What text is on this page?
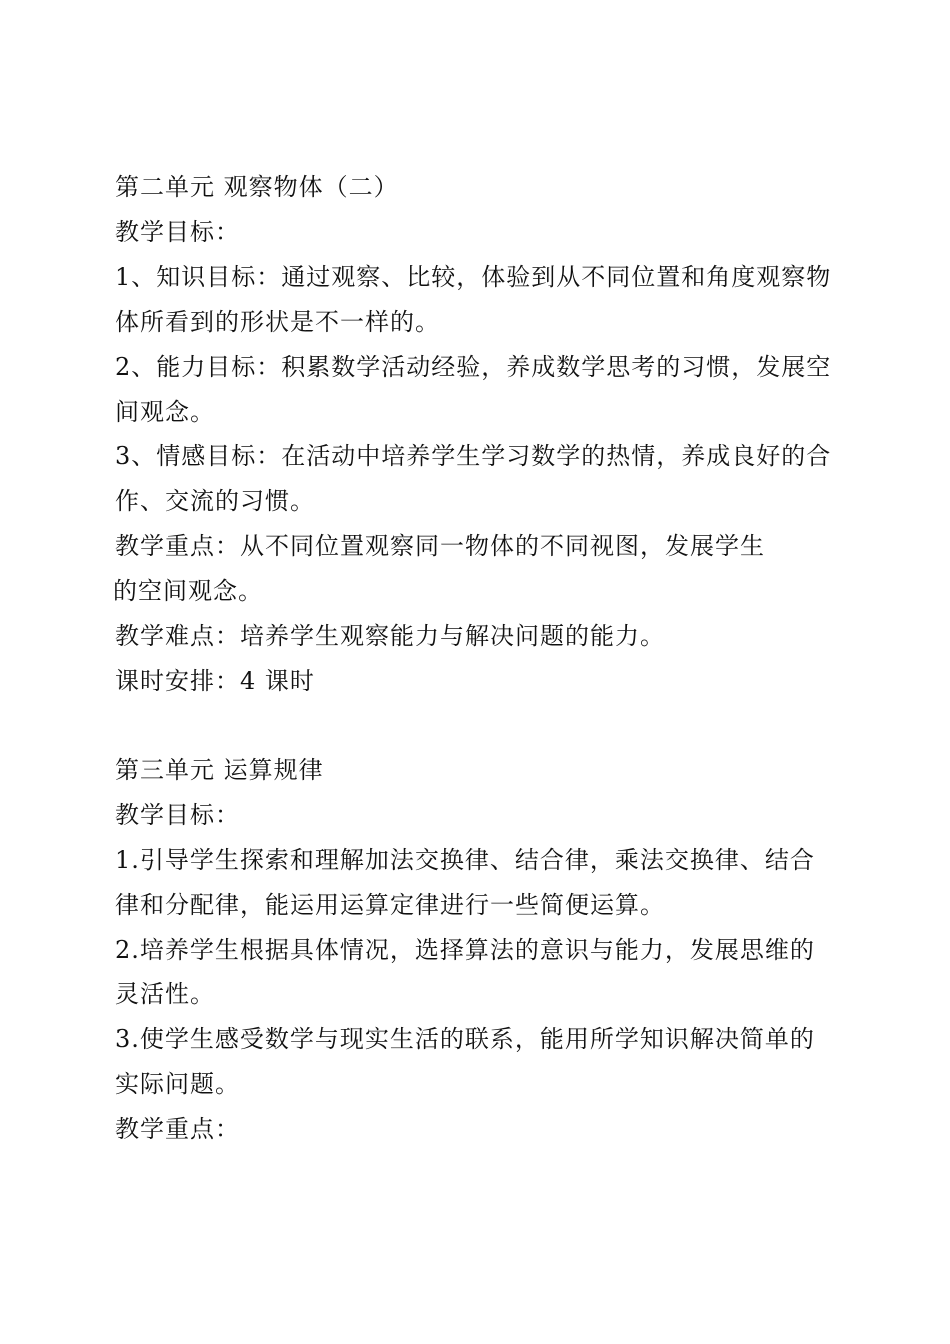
第二单元 观察物体（二）
教学目标：
1、知识目标：通过观察、比较，体验到从不同位置和角度观察物
体所看到的形状是不一样的。
2、能力目标：积累数学活动经验，养成数学思考的习惯，发展空
间观念。
3、情感目标：在活动中培养学生学习数学的热情，养成良好的合
作、交流的习惯。
教学重点：从不同位置观察同一物体的不同视图，发展学生
的空间观念。
教学难点：培养学生观察能力与解决问题的能力。
课时安排：4 课时
第三单元 运算规律
教学目标：
1.引导学生探索和理解加法交换律、结合律，乘法交换律、结合
律和分配律，能运用运算定律进行一些简便运算。
2.培养学生根据具体情况，选择算法的意识与能力，发展思维的
灵活性。
3.使学生感受数学与现实生活的联系，能用所学知识解决简单的
实际问题。
教学重点：
